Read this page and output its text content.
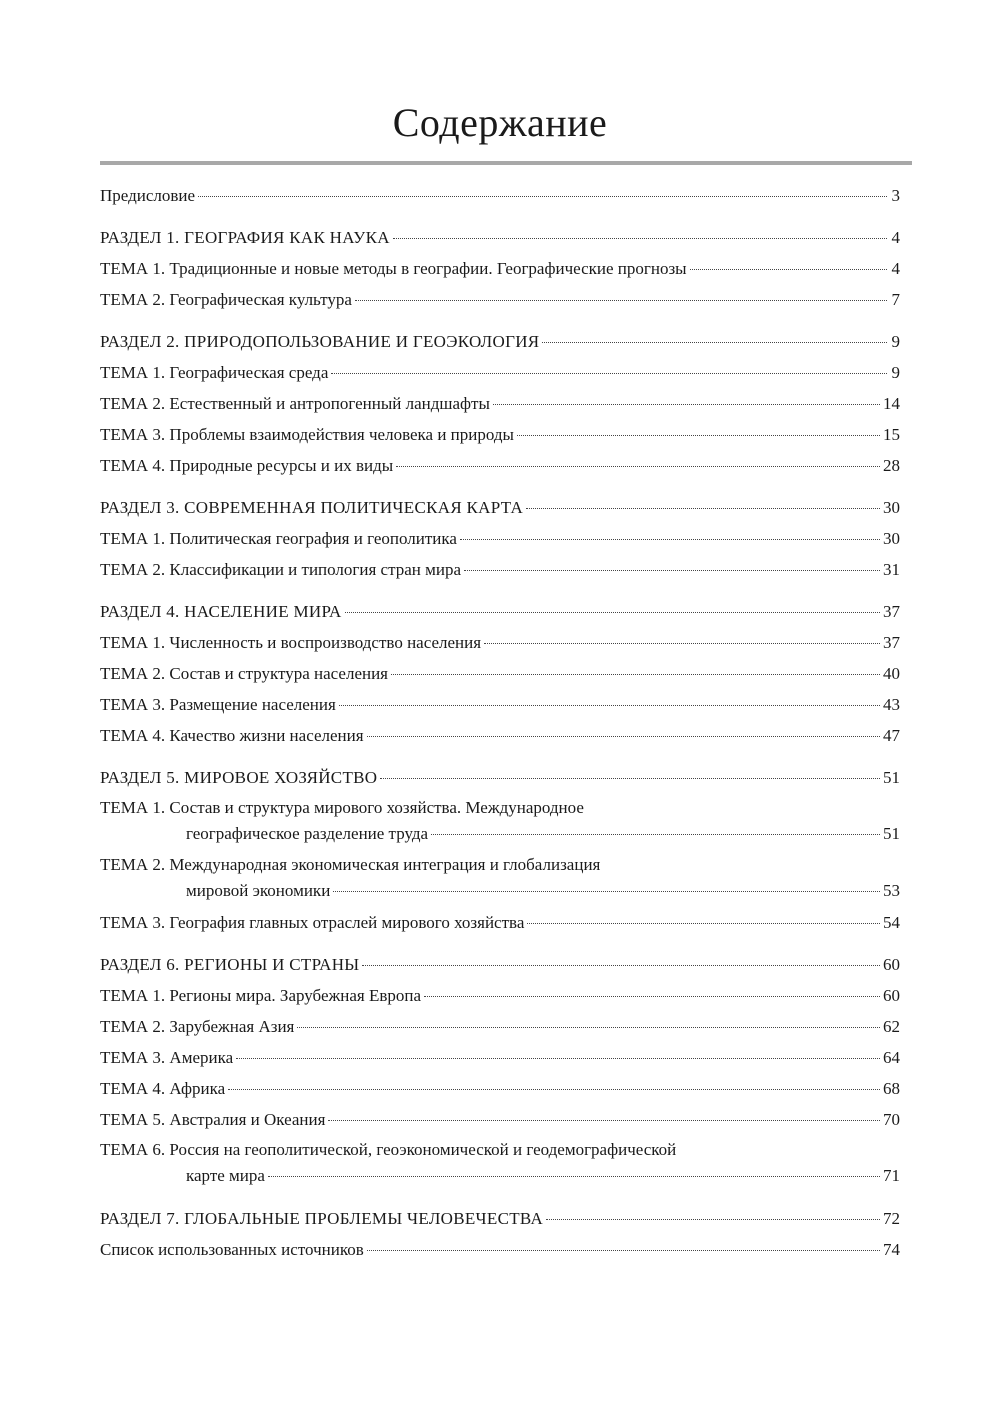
Содержание
Предисловие	3
РАЗДЕЛ 1. ГЕОГРАФИЯ КАК НАУКА	4
ТЕМА 1. Традиционные и новые методы в географии. Географические прогнозы	4
ТЕМА 2. Географическая культура	7
РАЗДЕЛ 2. ПРИРОДОПОЛЬЗОВАНИЕ И ГЕОЭКОЛОГИЯ	9
ТЕМА 1. Географическая среда	9
ТЕМА 2. Естественный и антропогенный ландшафты	14
ТЕМА 3. Проблемы взаимодействия человека и природы	15
ТЕМА 4. Природные ресурсы и их виды	28
РАЗДЕЛ 3. СОВРЕМЕННАЯ ПОЛИТИЧЕСКАЯ КАРТА	30
ТЕМА 1. Политическая география и геополитика	30
ТЕМА 2. Классификации и типология стран мира	31
РАЗДЕЛ 4. НАСЕЛЕНИЕ МИРА	37
ТЕМА 1. Численность и воспроизводство населения	37
ТЕМА 2. Состав и структура населения	40
ТЕМА 3. Размещение населения	43
ТЕМА 4. Качество жизни населения	47
РАЗДЕЛ 5. МИРОВОЕ ХОЗЯЙСТВО	51
ТЕМА 1. Состав и структура мирового хозяйства. Международное
географическое разделение труда	51
ТЕМА 2. Международная экономическая интеграция и глобализация
мировой экономики	53
ТЕМА 3. География главных отраслей мирового хозяйства	54
РАЗДЕЛ 6. РЕГИОНЫ И СТРАНЫ	60
ТЕМА 1. Регионы мира. Зарубежная Европа	60
ТЕМА 2. Зарубежная Азия	62
ТЕМА 3. Америка	64
ТЕМА 4. Африка	68
ТЕМА 5. Австралия и Океания	70
ТЕМА 6. Россия на геополитической, геоэкономической и геодемографической
карте мира	71
РАЗДЕЛ 7. ГЛОБАЛЬНЫЕ ПРОБЛЕМЫ ЧЕЛОВЕЧЕСТВА	72
Список использованных источников	74
